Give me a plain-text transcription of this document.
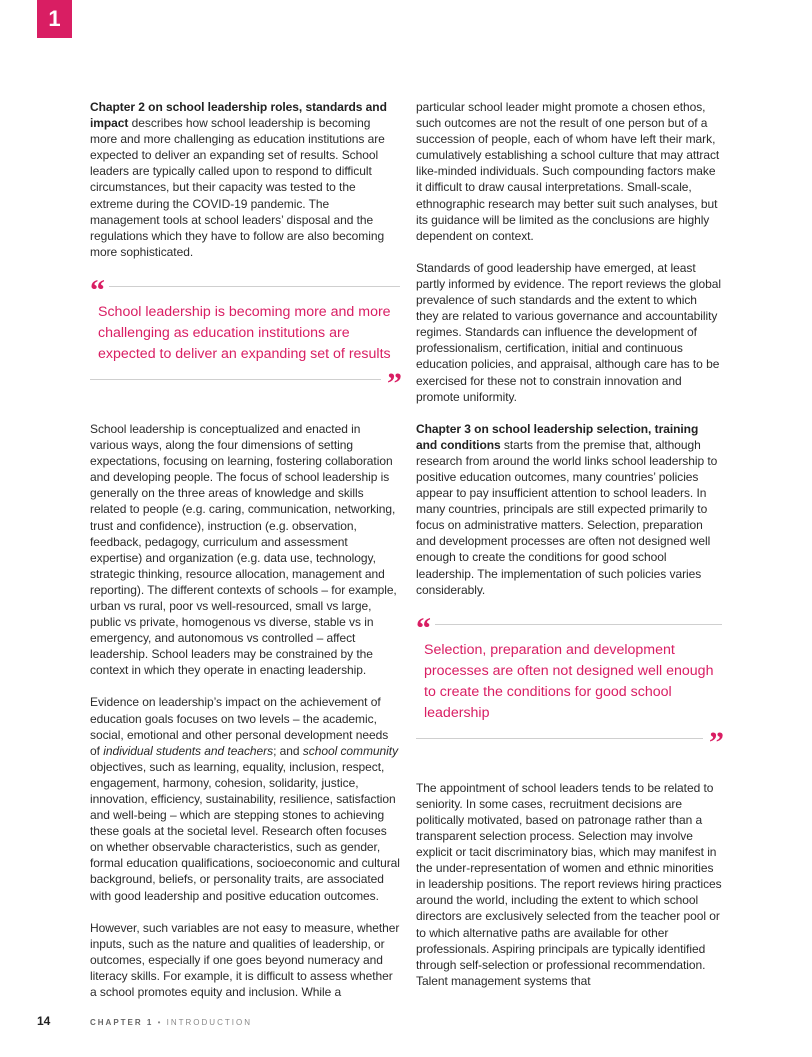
1

Chapter 2 on school leadership roles, standards and impact describes how school leadership is becoming more and more challenging as education institutions are expected to deliver an expanding set of results. School leaders are typically called upon to respond to difficult circumstances, but their capacity was tested to the extreme during the COVID-19 pandemic. The management tools at school leaders’ disposal and the regulations which they have to follow are also becoming more sophisticated.

“
School leadership is becoming more and more challenging as education institutions are expected to deliver an expanding set of results
”

School leadership is conceptualized and enacted in various ways, along the four dimensions of setting expectations, focusing on learning, fostering collaboration and developing people. The focus of school leadership is generally on the three areas of knowledge and skills related to people (e.g. caring, communication, networking, trust and confidence), instruction (e.g. observation, feedback, pedagogy, curriculum and assessment expertise) and organization (e.g. data use, technology, strategic thinking, resource allocation, management and reporting). The different contexts of schools – for example, urban vs rural, poor vs well-resourced, small vs large, public vs private, homogenous vs diverse, stable vs in emergency, and autonomous vs controlled – affect leadership. School leaders may be constrained by the context in which they operate in enacting leadership.

Evidence on leadership’s impact on the achievement of education goals focuses on two levels – the academic, social, emotional and other personal development needs of individual students and teachers; and school community objectives, such as learning, equality, inclusion, respect, engagement, harmony, cohesion, solidarity, justice, innovation, efficiency, sustainability, resilience, satisfaction and well-being – which are stepping stones to achieving these goals at the societal level. Research often focuses on whether observable characteristics, such as gender, formal education qualifications, socioeconomic and cultural background, beliefs, or personality traits, are associated with good leadership and positive education outcomes.

However, such variables are not easy to measure, whether inputs, such as the nature and qualities of leadership, or outcomes, especially if one goes beyond numeracy and literacy skills. For example, it is difficult to assess whether a school promotes equity and inclusion. While a

particular school leader might promote a chosen ethos, such outcomes are not the result of one person but of a succession of people, each of whom have left their mark, cumulatively establishing a school culture that may attract like-minded individuals. Such compounding factors make it difficult to draw causal interpretations. Small-scale, ethnographic research may better suit such analyses, but its guidance will be limited as the conclusions are highly dependent on context.

Standards of good leadership have emerged, at least partly informed by evidence. The report reviews the global prevalence of such standards and the extent to which they are related to various governance and accountability regimes. Standards can influence the development of professionalism, certification, initial and continuous education policies, and appraisal, although care has to be exercised for these not to constrain innovation and promote uniformity.

Chapter 3 on school leadership selection, training and conditions starts from the premise that, although research from around the world links school leadership to positive education outcomes, many countries’ policies appear to pay insufficient attention to school leaders. In many countries, principals are still expected primarily to focus on administrative matters. Selection, preparation and development processes are often not designed well enough to create the conditions for good school leadership. The implementation of such policies varies considerably.

“
Selection, preparation and development processes are often not designed well enough to create the conditions for good school leadership
”

The appointment of school leaders tends to be related to seniority. In some cases, recruitment decisions are politically motivated, based on patronage rather than a transparent selection process. Selection may involve explicit or tacit discriminatory bias, which may manifest in the under-representation of women and ethnic minorities in leadership positions. The report reviews hiring practices around the world, including the extent to which school directors are exclusively selected from the teacher pool or to which alternative paths are available for other professionals. Aspiring principals are typically identified through self-selection or professional recommendation. Talent management systems that

14	CHAPTER 1 • INTRODUCTION
